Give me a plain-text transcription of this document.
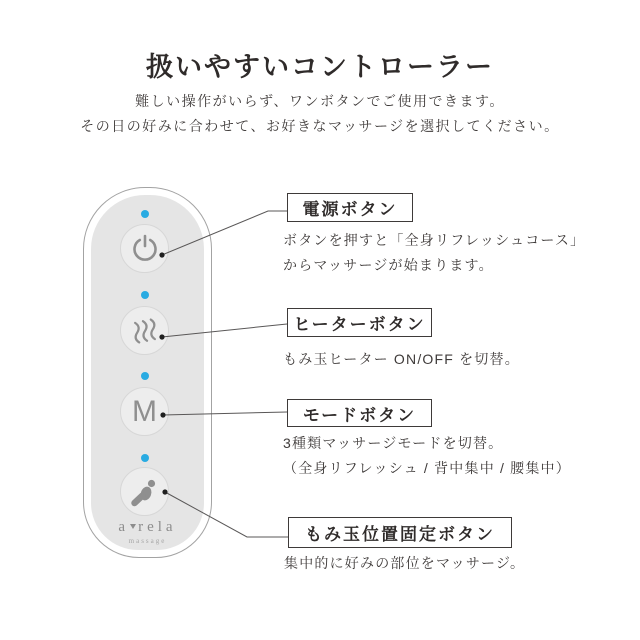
扱いやすいコントローラー
難しい操作がいらず、ワンボタンでご使用できます。
その日の好みに合わせて、お好きなマッサージを選択してください。
M
a rela
massage
電源ボタン
ボタンを押すと「全身リフレッシュコース」
からマッサージが始まります。
ヒーターボタン
もみ玉ヒーター ON/OFF を切替。
モードボタン
3種類マッサージモードを切替。
（全身リフレッシュ / 背中集中 / 腰集中）
もみ玉位置固定ボタン
集中的に好みの部位をマッサージ。
